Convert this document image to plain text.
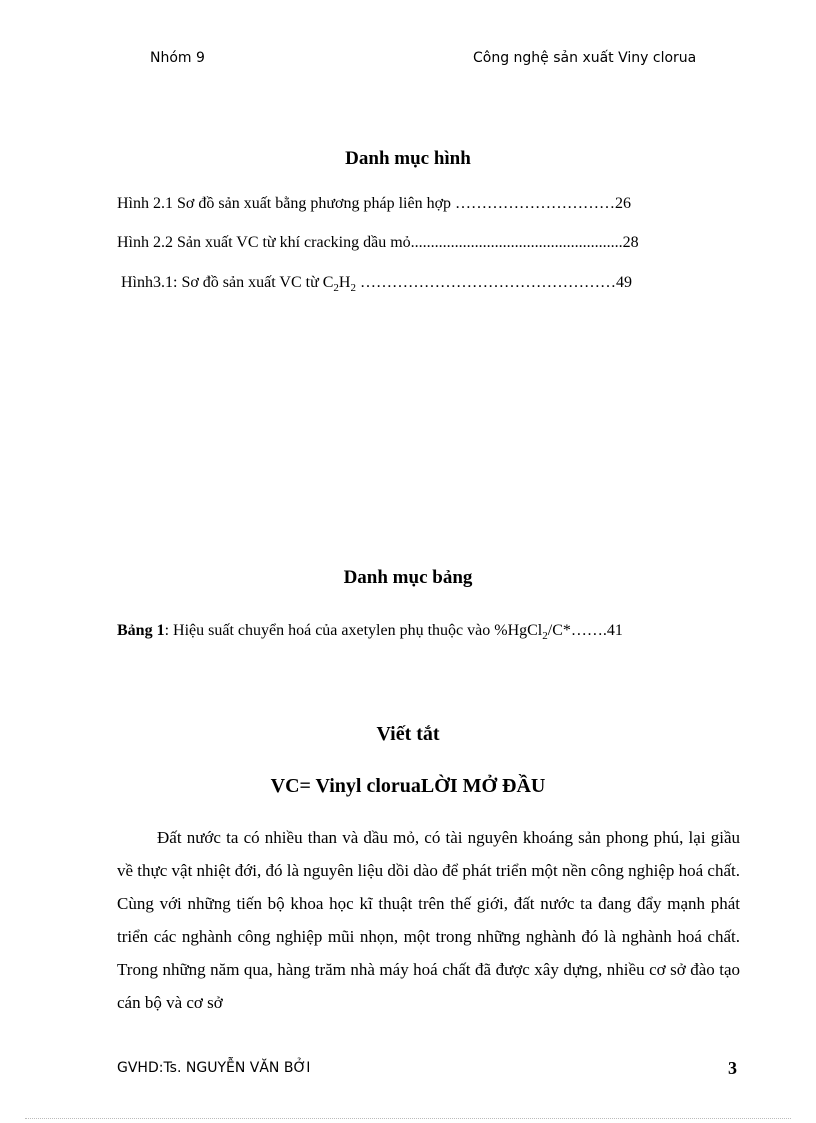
Nhóm 9	Công nghệ sản xuất Viny clorua
Danh mục hình
Hình 2.1 Sơ đồ sản xuất bằng phương pháp liên hợp …………………………26
Hình 2.2 Sản xuất VC từ khí cracking dầu mỏ.....................................................28
Hình3.1: Sơ đồ sản xuất VC từ $C_2H_2$ …………………………………………49
Danh mục bảng
Bảng 1: Hiệu suất chuyển hoá của axetylen phụ thuộc vào %HgCl$_2$/C*…….41
Viết tắt
VC= Vinyl cloruaLỜI MỞ ĐẦU

Đất nước ta có nhiều than và dầu mỏ, có tài nguyên khoáng sản phong phú, lại giầu về thực vật nhiệt đới, đó là nguyên liệu dồi dào để phát triển một nền công nghiệp hoá chất. Cùng với những tiến bộ khoa học kĩ thuật trên thế giới, đất nước ta đang đẩy mạnh phát triển các nghành công nghiệp mũi nhọn, một trong những nghành đó là nghành hoá chất. Trong những năm qua, hàng trăm nhà máy hoá chất đã được xây dựng, nhiều cơ sở đào tạo cán bộ và cơ sở

GVHD:Ts. NGUYỄN VĂN BỞI	3
